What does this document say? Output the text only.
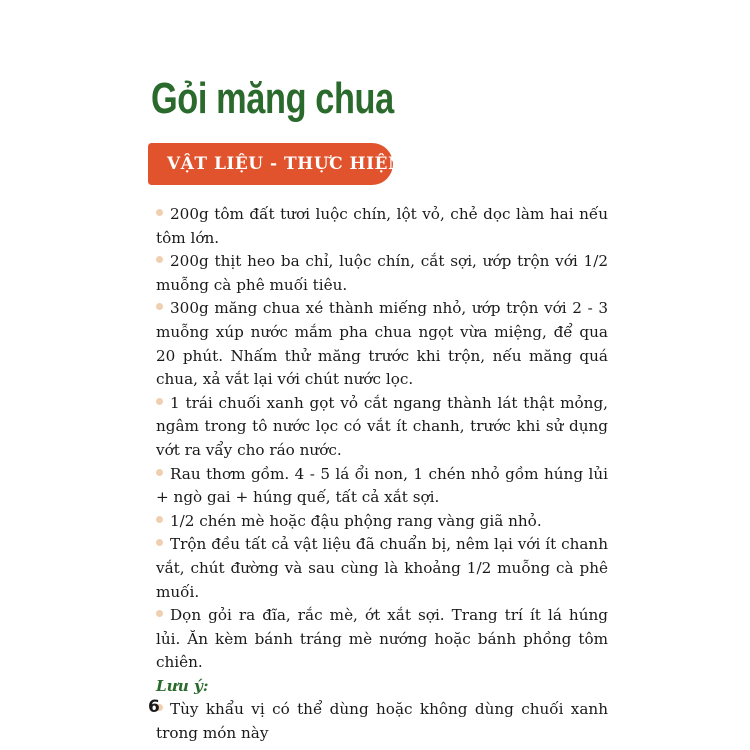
Gỏi măng chua
VẬT LIỆU - THỰC HIỆN:

200g tôm đất tươi luộc chín, lột vỏ, chẻ dọc làm hai nếu tôm lớn.

200g thịt heo ba chỉ, luộc chín, cắt sợi, ướp trộn với 1/2 muỗng cà phê muối tiêu.

300g măng chua xé thành miếng nhỏ, ướp trộn với 2 - 3 muỗng xúp nước mắm pha chua ngọt vừa miệng, để qua 20 phút. Nhấm thử măng trước khi trộn, nếu măng quá chua, xả vắt lại với chút nước lọc.

1 trái chuối xanh gọt vỏ cắt ngang thành lát thật mỏng, ngâm trong tô nước lọc có vắt ít chanh, trước khi sử dụng vớt ra vẩy cho ráo nước.

Rau thơm gồm. 4 - 5 lá ổi non, 1 chén nhỏ gồm húng lủi + ngò gai + húng quế, tất cả xắt sợi.

1/2 chén mè hoặc đậu phộng rang vàng giã nhỏ.

Trộn đều tất cả vật liệu đã chuẩn bị, nêm lại với ít chanh vắt, chút đường và sau cùng là khoảng 1/2 muỗng cà phê muối.

Dọn gỏi ra đĩa, rắc mè, ớt xắt sợi. Trang trí ít lá húng lủi. Ăn kèm bánh tráng mè nướng hoặc bánh phồng tôm chiên.

Lưu ý:

Tùy khẩu vị có thể dùng hoặc không dùng chuối xanh trong món này

6
